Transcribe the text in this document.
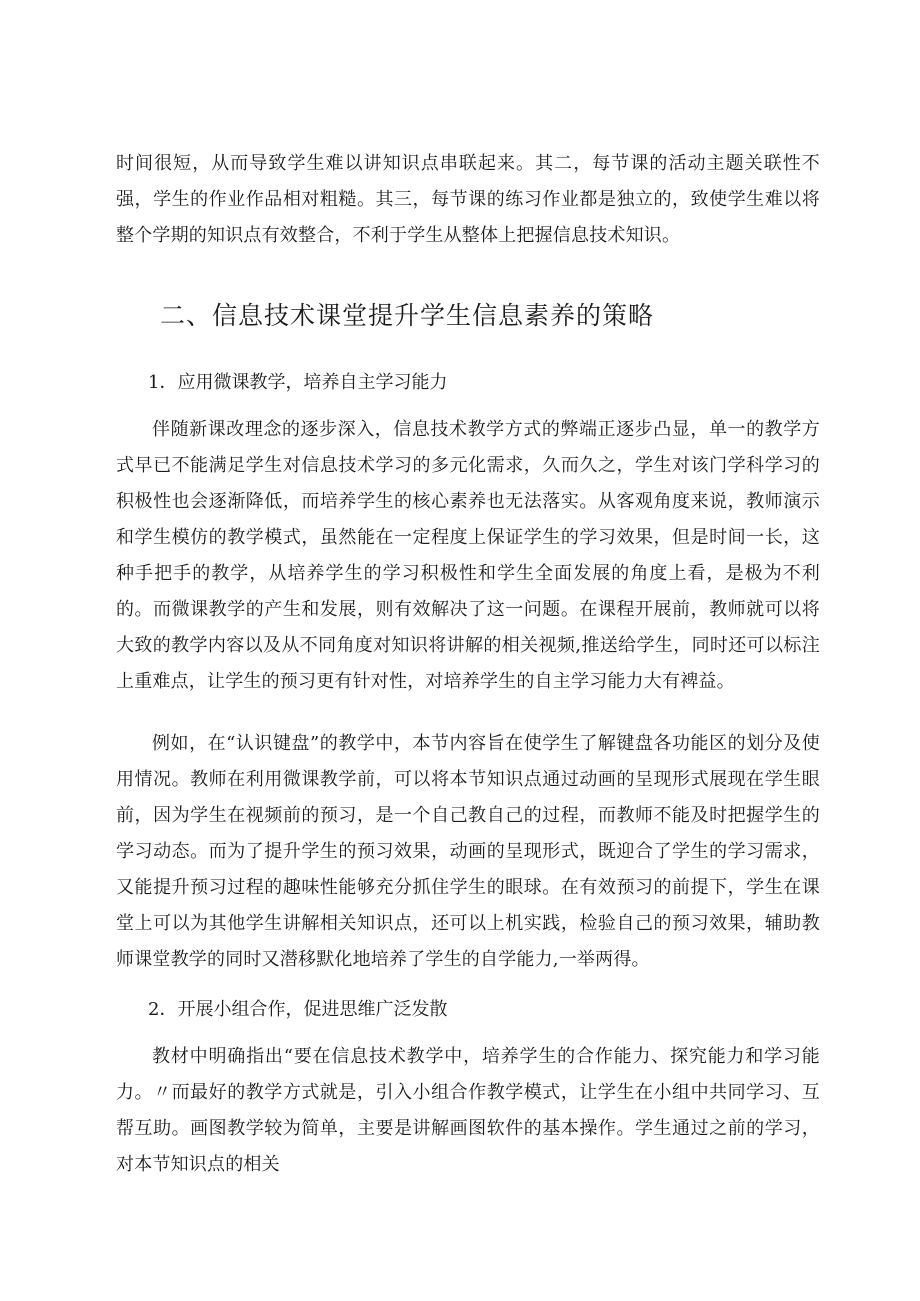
时间很短，从而导致学生难以讲知识点串联起来。其二，每节课的活动主题关联性不强，学生的作业作品相对粗糙。其三，每节课的练习作业都是独立的，致使学生难以将整个学期的知识点有效整合，不利于学生从整体上把握信息技术知识。

二、信息技术课堂提升学生信息素养的策略
1．应用微课教学，培养自主学习能力

伴随新课改理念的逐步深入，信息技术教学方式的弊端正逐步凸显，单一的教学方式早已不能满足学生对信息技术学习的多元化需求，久而久之，学生对该门学科学习的积极性也会逐渐降低，而培养学生的核心素养也无法落实。从客观角度来说，教师演示和学生模仿的教学模式，虽然能在一定程度上保证学生的学习效果，但是时间一长，这种手把手的教学，从培养学生的学习积极性和学生全面发展的角度上看，是极为不利的。而微课教学的产生和发展，则有效解决了这一问题。在课程开展前，教师就可以将大致的教学内容以及从不同角度对知识将讲解的相关视频,推送给学生，同时还可以标注上重难点，让学生的预习更有针对性，对培养学生的自主学习能力大有裨益。

例如，在“认识键盘”的教学中，本节内容旨在使学生了解键盘各功能区的划分及使用情况。教师在利用微课教学前，可以将本节知识点通过动画的呈现形式展现在学生眼前，因为学生在视频前的预习，是一个自己教自己的过程，而教师不能及时把握学生的学习动态。而为了提升学生的预习效果，动画的呈现形式，既迎合了学生的学习需求，又能提升预习过程的趣味性能够充分抓住学生的眼球。在有效预习的前提下，学生在课堂上可以为其他学生讲解相关知识点，还可以上机实践，检验自己的预习效果，辅助教师课堂教学的同时又潜移默化地培养了学生的自学能力,一举两得。

2．开展小组合作，促进思维广泛发散

教材中明确指出“要在信息技术教学中，培养学生的合作能力、探究能力和学习能力。〃而最好的教学方式就是，引入小组合作教学模式，让学生在小组中共同学习、互帮互助。画图教学较为简单，主要是讲解画图软件的基本操作。学生通过之前的学习，对本节知识点的相关
